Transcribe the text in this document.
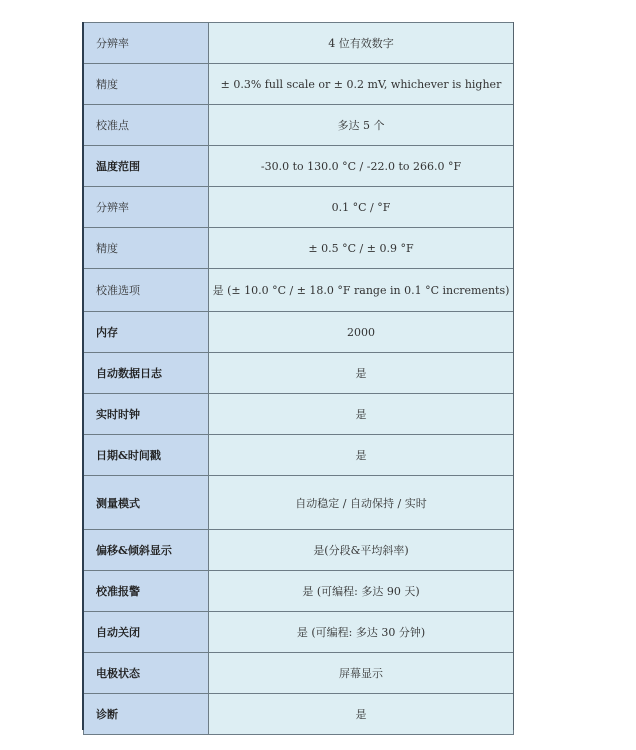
分辨率	4 位有效数字
精度	± 0.3% full scale or ± 0.2 mV, whichever is higher
校准点	多达 5 个
温度范围	-30.0 to 130.0 °C / -22.0 to 266.0 °F
分辨率	0.1 °C / °F
精度	± 0.5 °C / ± 0.9 °F
校准选项	是 (± 10.0 °C / ± 18.0 °F range in 0.1 °C increments)
内存	2000
自动数据日志	是
实时时钟	是
日期&时间戳	是
测量模式	自动稳定 / 自动保持 / 实时
偏移&倾斜显示	是(分段&平均斜率)
校准报警	是 (可编程: 多达 90 天)
自动关闭	是 (可编程: 多达 30 分钟)
电极状态	屏幕显示
诊断	是
